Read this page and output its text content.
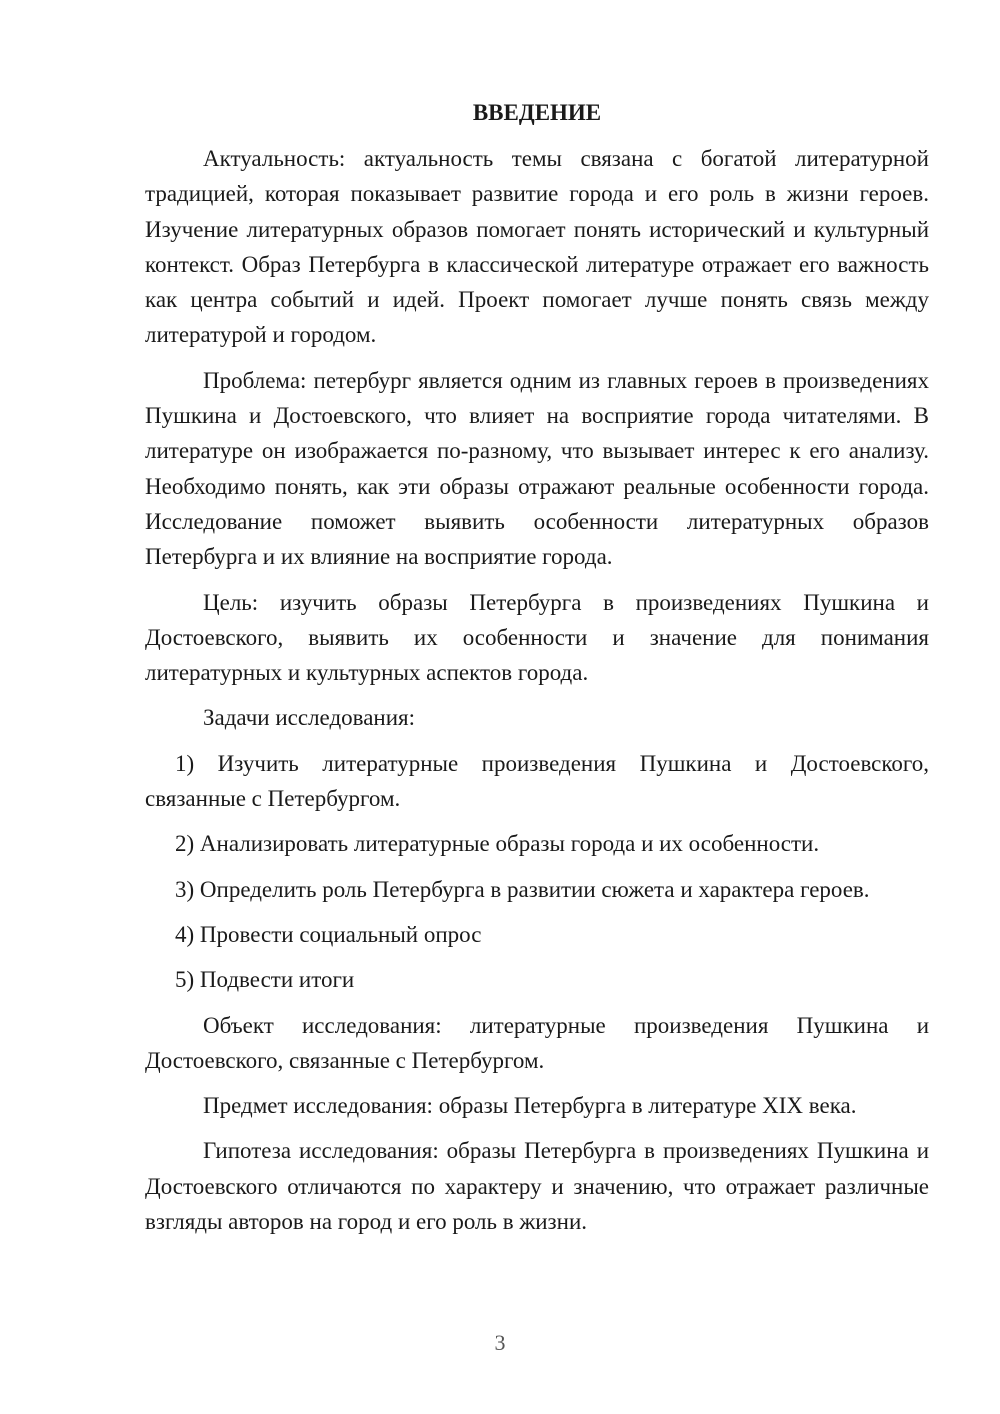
ВВЕДЕНИЕ

Актуальность: актуальность темы связана с богатой литературной традицией, которая показывает развитие города и его роль в жизни героев. Изучение литературных образов помогает понять исторический и культурный контекст. Образ Петербурга в классической литературе отражает его важность как центра событий и идей. Проект помогает лучше понять связь между литературой и городом.

Проблема: петербург является одним из главных героев в произведениях Пушкина и Достоевского, что влияет на восприятие города читателями. В литературе он изображается по-разному, что вызывает интерес к его анализу. Необходимо понять, как эти образы отражают реальные особенности города. Исследование поможет выявить особенности литературных образов Петербурга и их влияние на восприятие города.

Цель: изучить образы Петербурга в произведениях Пушкина и Достоевского, выявить их особенности и значение для понимания литературных и культурных аспектов города.

Задачи исследования:

1) Изучить литературные произведения Пушкина и Достоевского, связанные с Петербургом.

2) Анализировать литературные образы города и их особенности.

3) Определить роль Петербурга в развитии сюжета и характера героев.

4) Провести социальный опрос

5) Подвести итоги

Объект исследования: литературные произведения Пушкина и Достоевского, связанные с Петербургом.

Предмет исследования: образы Петербурга в литературе XIX века.

Гипотеза исследования: образы Петербурга в произведениях Пушкина и Достоевского отличаются по характеру и значению, что отражает различные взгляды авторов на город и его роль в жизни.

3
